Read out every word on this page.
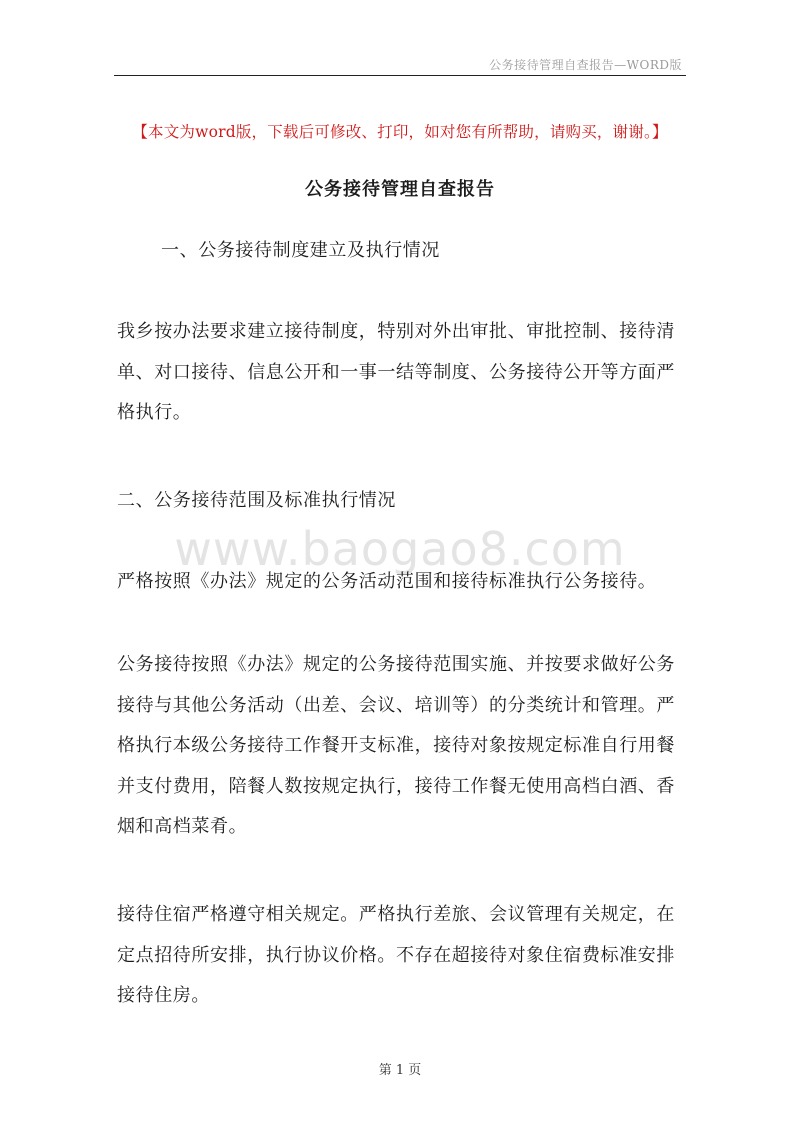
公务接待管理自查报告—WORD版
【本文为word版，下载后可修改、打印，如对您有所帮助，请购买，谢谢。】
公务接待管理自查报告

一、公务接待制度建立及执行情况

我乡按办法要求建立接待制度，特别对外出审批、审批控制、接待清单、对口接待、信息公开和一事一结等制度、公务接待公开等方面严格执行。

二、公务接待范围及标准执行情况

www.baogao8.com

严格按照《办法》规定的公务活动范围和接待标准执行公务接待。

公务接待按照《办法》规定的公务接待范围实施、并按要求做好公务接待与其他公务活动（出差、会议、培训等）的分类统计和管理。严格执行本级公务接待工作餐开支标准，接待对象按规定标准自行用餐并支付费用，陪餐人数按规定执行，接待工作餐无使用高档白酒、香烟和高档菜肴。

接待住宿严格遵守相关规定。严格执行差旅、会议管理有关规定，在定点招待所安排，执行协议价格。不存在超接待对象住宿费标准安排接待住房。

第 1 页
